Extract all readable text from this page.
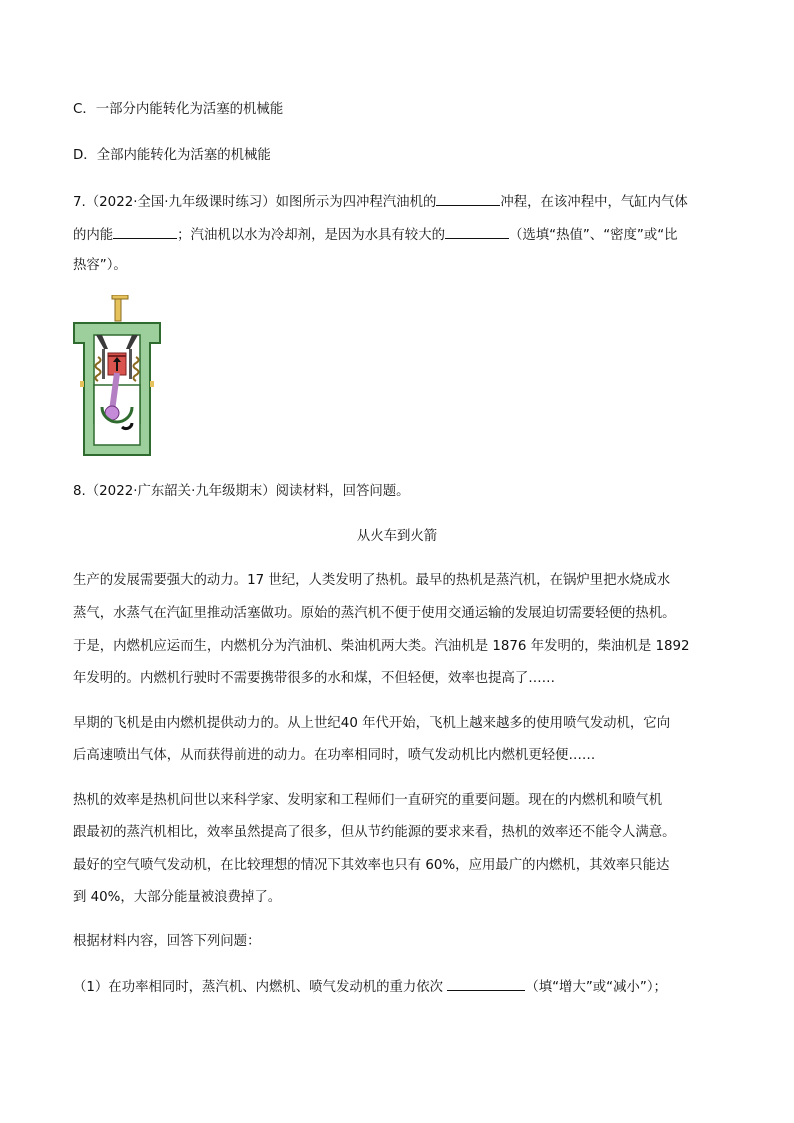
C．一部分内能转化为活塞的机械能
D．全部内能转化为活塞的机械能
7.（2022·全国·九年级课时练习）如图所示为四冲程汽油机的	冲程，在该冲程中，气缸内气体
的内能	；汽油机以水为冷却剂，是因为水具有较大的	（选填“热值”、“密度”或“比
热容”）。
8.（2022·广东韶关·九年级期末）阅读材料，回答问题。
从火车到火箭
生产的发展需要强大的动力。17 世纪，人类发明了热机。最早的热机是蒸汽机，在锅炉里把水烧成水
蒸气，水蒸气在汽缸里推动活塞做功。原始的蒸汽机不便于使用交通运输的发展迫切需要轻便的热机。
于是，内燃机应运而生，内燃机分为汽油机、柴油机两大类。汽油机是 1876 年发明的，柴油机是 1892
年发明的。内燃机行驶时不需要携带很多的水和煤，不但轻便，效率也提高了……
早期的飞机是由内燃机提供动力的。从上世纪40 年代开始，飞机上越来越多的使用喷气发动机，它向
后高速喷出气体，从而获得前进的动力。在功率相同时，喷气发动机比内燃机更轻便……
热机的效率是热机问世以来科学家、发明家和工程师们一直研究的重要问题。现在的内燃机和喷气机
跟最初的蒸汽机相比，效率虽然提高了很多，但从节约能源的要求来看，热机的效率还不能令人满意。
最好的空气喷气发动机，在比较理想的情况下其效率也只有 60%，应用最广的内燃机，其效率只能达
到 40%，大部分能量被浪费掉了。
根据材料内容，回答下列问题：
（1）在功率相同时，蒸汽机、内燃机、喷气发动机的重力依次	（填“增大”或“减小”）；
